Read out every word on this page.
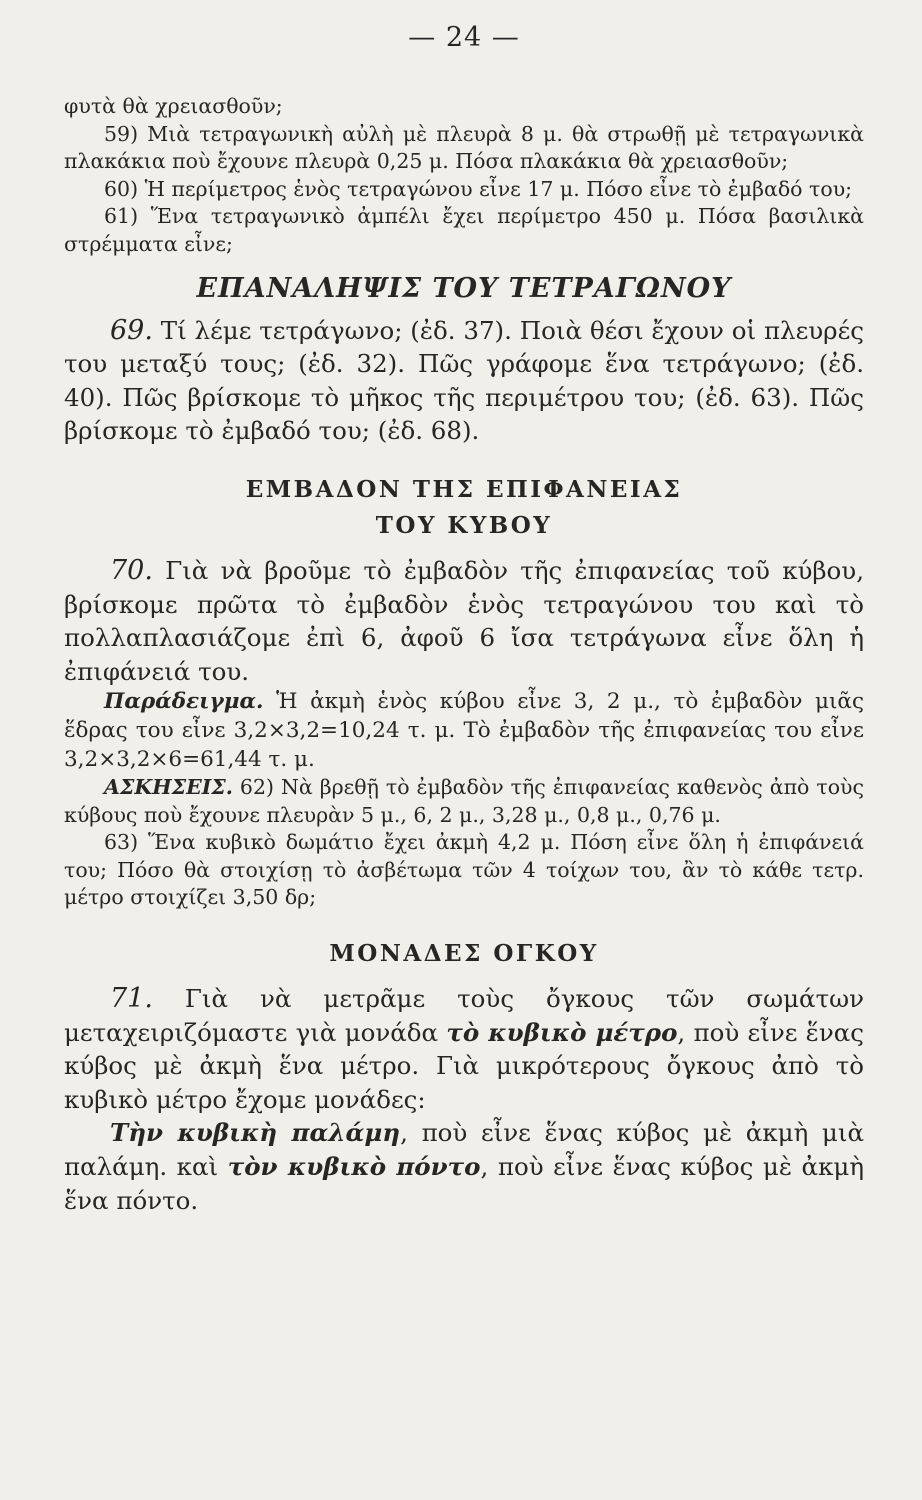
— 24 —

φυτὰ θὰ χρειασθοῦν;

59) Μιὰ τετραγωνικὴ αὐλὴ μὲ πλευρὰ 8 μ. θὰ στρωθῇ μὲ τετραγωνικὰ πλακάκια ποὺ ἔχουνε πλευρὰ 0,25 μ. Πόσα πλακάκια θὰ χρειασθοῦν;

60) Ἡ περίμετρος ἑνὸς τετραγώνου εἶνε 17 μ. Πόσο εἶνε τὸ ἐμβαδό του;

61) Ἕνα τετραγωνικὸ ἀμπέλι ἔχει περίμετρο 450 μ. Πόσα βασιλικὰ στρέμματα εἶνε;

ΕΠΑΝΑΛΗΨΙΣ ΤΟΥ ΤΕΤΡΑΓΩΝΟΥ

69. Τί λέμε τετράγωνο; (ἐδ. 37). Ποιὰ θέσι ἔχουν οἱ πλευρές του μεταξύ τους; (ἐδ. 32). Πῶς γράφομε ἕνα τετράγωνο; (ἐδ. 40). Πῶς βρίσκομε τὸ μῆκος τῆς περιμέτρου του; (ἐδ. 63). Πῶς βρίσκομε τὸ ἐμβαδό του; (ἐδ. 68).

ΕΜΒΑΔΟΝ ΤΗΣ ΕΠΙΦΑΝΕΙΑΣ
ΤΟΥ ΚΥΒΟΥ

70. Γιὰ νὰ βροῦμε τὸ ἐμβαδὸν τῆς ἐπιφανείας τοῦ κύβου, βρίσκομε πρῶτα τὸ ἐμβαδὸν ἑνὸς τετραγώνου του καὶ τὸ πολλαπλασιάζομε ἐπὶ 6, ἀφοῦ 6 ἴσα τετράγωνα εἶνε ὅλη ἡ ἐπιφάνειά του.

Παράδειγμα. Ἡ ἀκμὴ ἑνὸς κύβου εἶνε 3, 2 μ., τὸ ἐμβαδὸν μιᾶς ἕδρας του εἶνε 3,2×3,2=10,24 τ. μ. Τὸ ἐμβαδὸν τῆς ἐπιφανείας του εἶνε 3,2×3,2×6=61,44 τ. μ.

ΑΣΚΗΣΕΙΣ. 62) Νὰ βρεθῇ τὸ ἐμβαδὸν τῆς ἐπιφανείας καθενὸς ἀπὸ τοὺς κύβους ποὺ ἔχουνε πλευρὰν 5 μ., 6, 2 μ., 3,28 μ., 0,8 μ., 0,76 μ.

63) Ἕνα κυβικὸ δωμάτιο ἔχει ἀκμὴ 4,2 μ. Πόση εἶνε ὅλη ἡ ἐπιφάνειά του; Πόσο θὰ στοιχίσῃ τὸ ἀσβέτωμα τῶν 4 τοίχων του, ἂν τὸ κάθε τετρ. μέτρο στοιχίζει 3,50 δρ;

ΜΟΝΑΔΕΣ ΟΓΚΟΥ

71. Γιὰ νὰ μετρᾶμε τοὺς ὄγκους τῶν σωμάτων μεταχειριζόμαστε γιὰ μονάδα τὸ κυβικὸ μέτρο, ποὺ εἶνε ἕνας κύβος μὲ ἀκμὴ ἕνα μέτρο. Γιὰ μικρότερους ὄγκους ἀπὸ τὸ κυβικὸ μέτρο ἔχομε μονάδες:

Τὴν κυβικὴ παλάμη, ποὺ εἶνε ἕνας κύβος μὲ ἀκμὴ μιὰ παλάμη. καὶ τὸν κυβικὸ πόντο, ποὺ εἶνε ἕνας κύβος μὲ ἀκμὴ ἕνα πόντο.
